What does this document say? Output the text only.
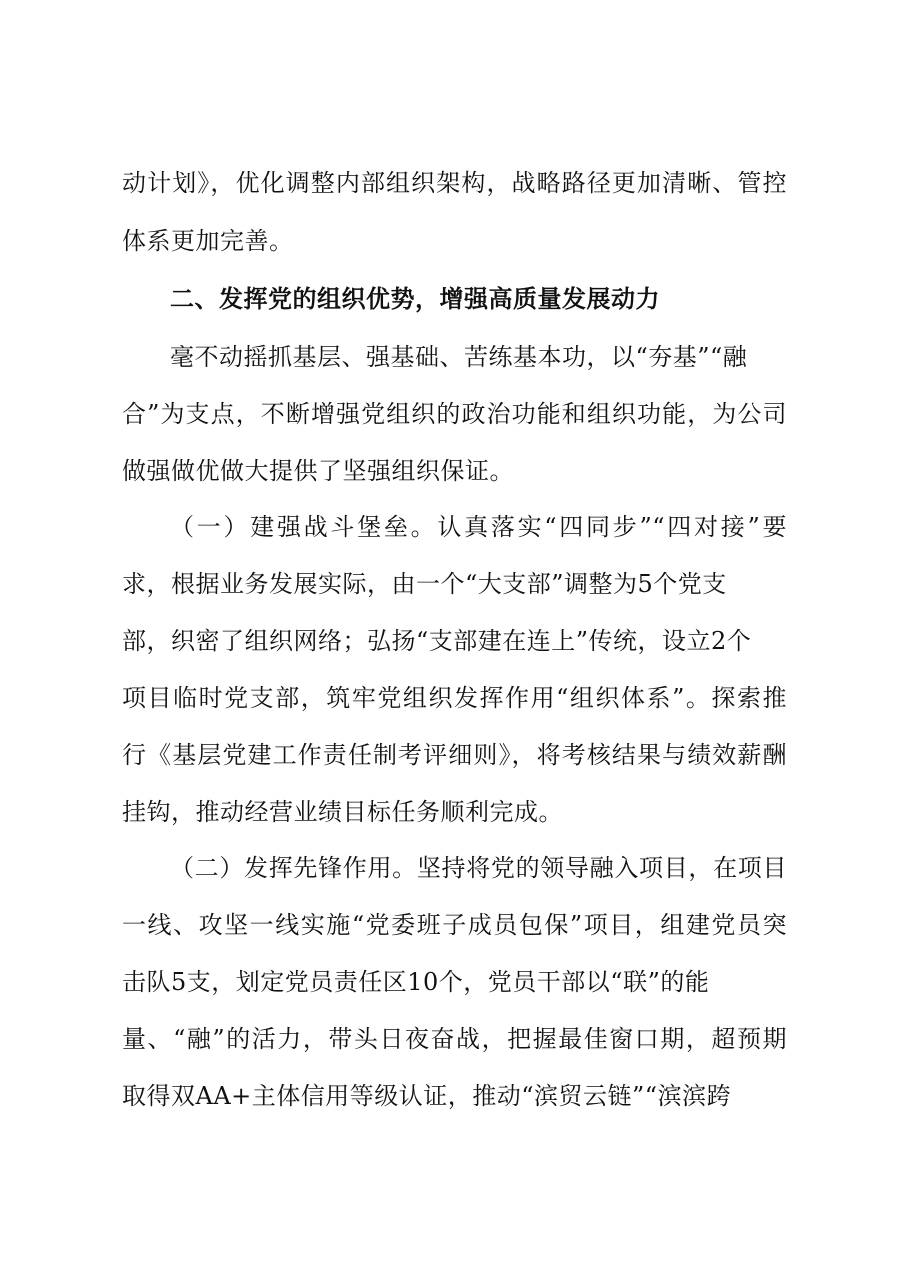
动计划》，优化调整内部组织架构，战略路径更加清晰、管控
体系更加完善。
二、发挥党的组织优势，增强高质量发展动力
毫不动摇抓基层、强基础、苦练基本功，以“夯基”“融
合”为支点，不断增强党组织的政治功能和组织功能，为公司
做强做优做大提供了坚强组织保证。
（一）建强战斗堡垒。认真落实“四同步”“四对接”要
求，根据业务发展实际，由一个“大支部”调整为5个党支
部，织密了组织网络；弘扬“支部建在连上”传统，设立2个
项目临时党支部，筑牢党组织发挥作用“组织体系”。探索推
行《基层党建工作责任制考评细则》，将考核结果与绩效薪酬
挂钩，推动经营业绩目标任务顺利完成。
（二）发挥先锋作用。坚持将党的领导融入项目，在项目
一线、攻坚一线实施“党委班子成员包保”项目，组建党员突
击队5支，划定党员责任区10个，党员干部以“联”的能
量、“融”的活力，带头日夜奋战，把握最佳窗口期，超预期
取得双AA+主体信用等级认证，推动“滨贸云链”“滨滨跨
